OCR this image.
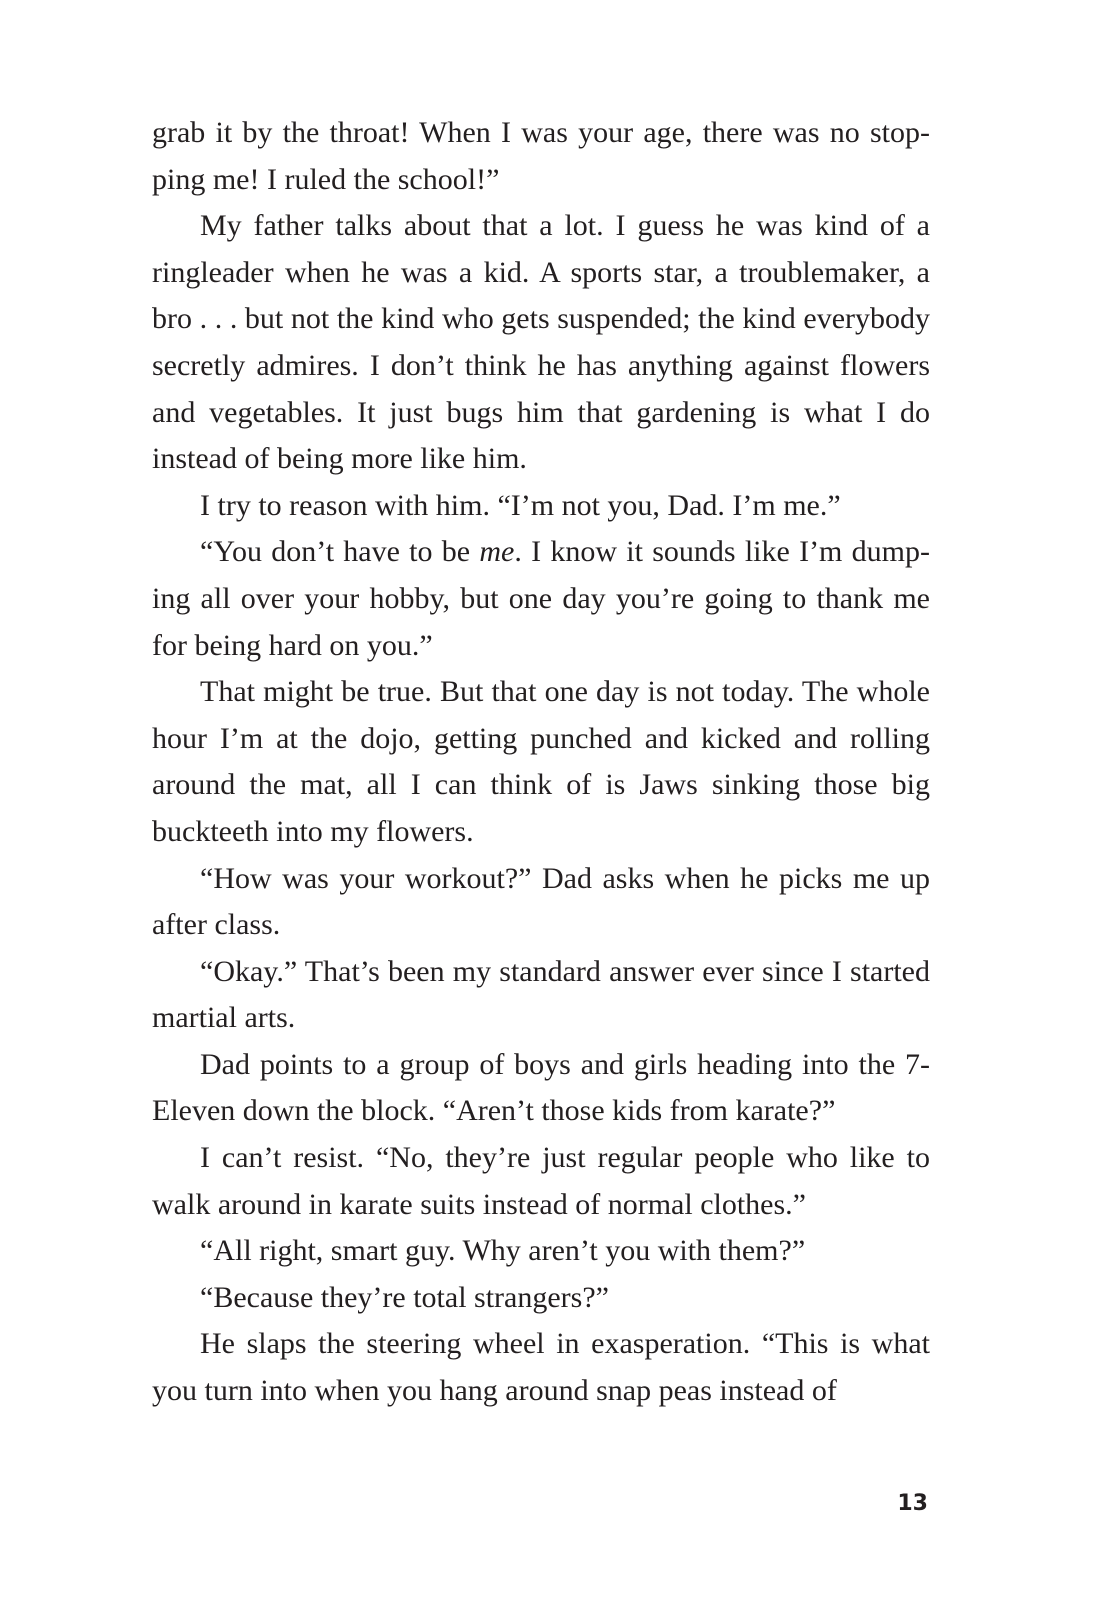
grab it by the throat! When I was your age, there was no stopping me! I ruled the school!”

My father talks about that a lot. I guess he was kind of a ringleader when he was a kid. A sports star, a troublemaker, a bro . . . but not the kind who gets suspended; the kind everybody secretly admires. I don’t think he has anything against flowers and vegetables. It just bugs him that gardening is what I do instead of being more like him.

I try to reason with him. “I’m not you, Dad. I’m me.”

“You don’t have to be me. I know it sounds like I’m dumping all over your hobby, but one day you’re going to thank me for being hard on you.”

That might be true. But that one day is not today. The whole hour I’m at the dojo, getting punched and kicked and rolling around the mat, all I can think of is Jaws sinking those big buckteeth into my flowers.

“How was your workout?” Dad asks when he picks me up after class.

“Okay.” That’s been my standard answer ever since I started martial arts.

Dad points to a group of boys and girls heading into the 7-Eleven down the block. “Aren’t those kids from karate?”

I can’t resist. “No, they’re just regular people who like to walk around in karate suits instead of normal clothes.”

“All right, smart guy. Why aren’t you with them?”

“Because they’re total strangers?”

He slaps the steering wheel in exasperation. “This is what you turn into when you hang around snap peas instead of

13
